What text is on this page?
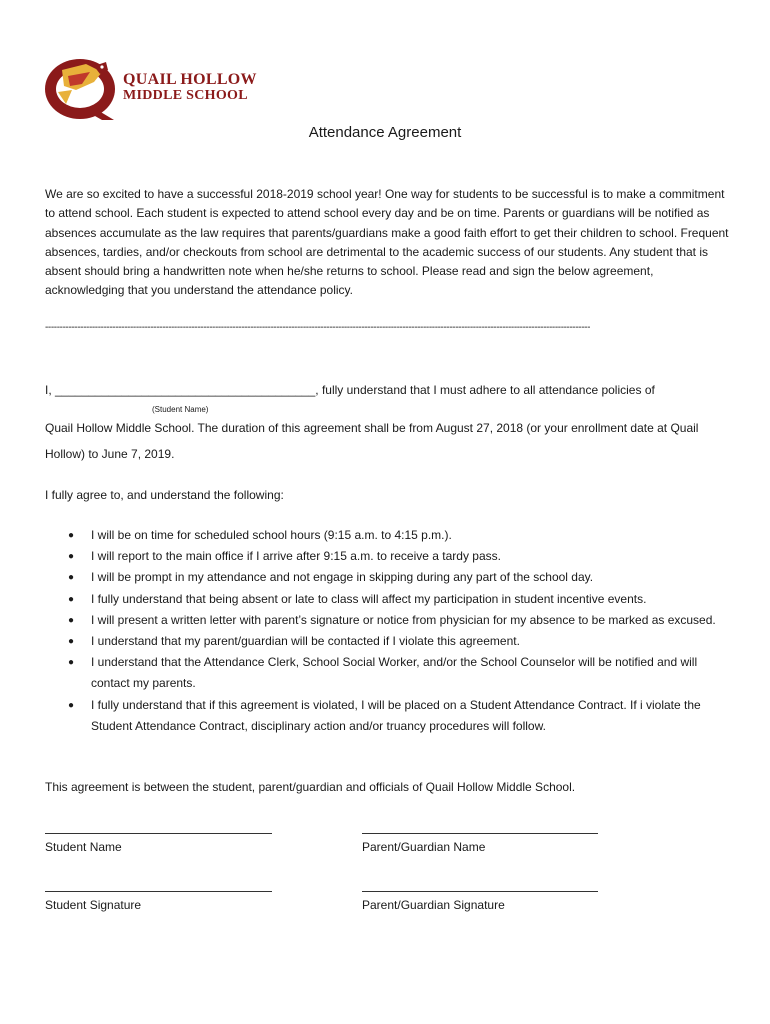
QUAIL HOLLOW
MIDDLE SCHOOL
Attendance Agreement
We are so excited to have a successful 2018-2019 school year! One way for students to be successful is to make a commitment to attend school. Each student is expected to attend school every day and be on time. Parents or guardians will be notified as absences accumulate as the law requires that parents/guardians make a good faith effort to get their children to school. Frequent absences, tardies, and/or checkouts from school are detrimental to the academic success of our students. Any student that is absent should bring a handwritten note when he/she returns to school. Please read and sign the below agreement, acknowledging that you understand the attendance policy.
------------------------------------------------------------------------------------------------------------------------------------------------------------------------------------------
I, _______________________________________, fully understand that I must adhere to all attendance policies of
(Student Name)
Quail Hollow Middle School. The duration of this agreement shall be from August 27, 2018 (or your enrollment date at Quail Hollow) to June 7, 2019.
I fully agree to, and understand the following:
● I will be on time for scheduled school hours (9:15 a.m. to 4:15 p.m.).
● I will report to the main office if I arrive after 9:15 a.m. to receive a tardy pass.
● I will be prompt in my attendance and not engage in skipping during any part of the school day.
● I fully understand that being absent or late to class will affect my participation in student incentive events.
● I will present a written letter with parent’s signature or notice from physician for my absence to be marked as excused.
● I understand that my parent/guardian will be contacted if I violate this agreement.
● I understand that the Attendance Clerk, School Social Worker, and/or the School Counselor will be notified and will contact my parents.
● I fully understand that if this agreement is violated, I will be placed on a Student Attendance Contract. If i violate the Student Attendance Contract, disciplinary action and/or truancy procedures will follow.
This agreement is between the student, parent/guardian and officials of Quail Hollow Middle School.
Student Name	Parent/Guardian Name
Student Signature	Parent/Guardian Signature
